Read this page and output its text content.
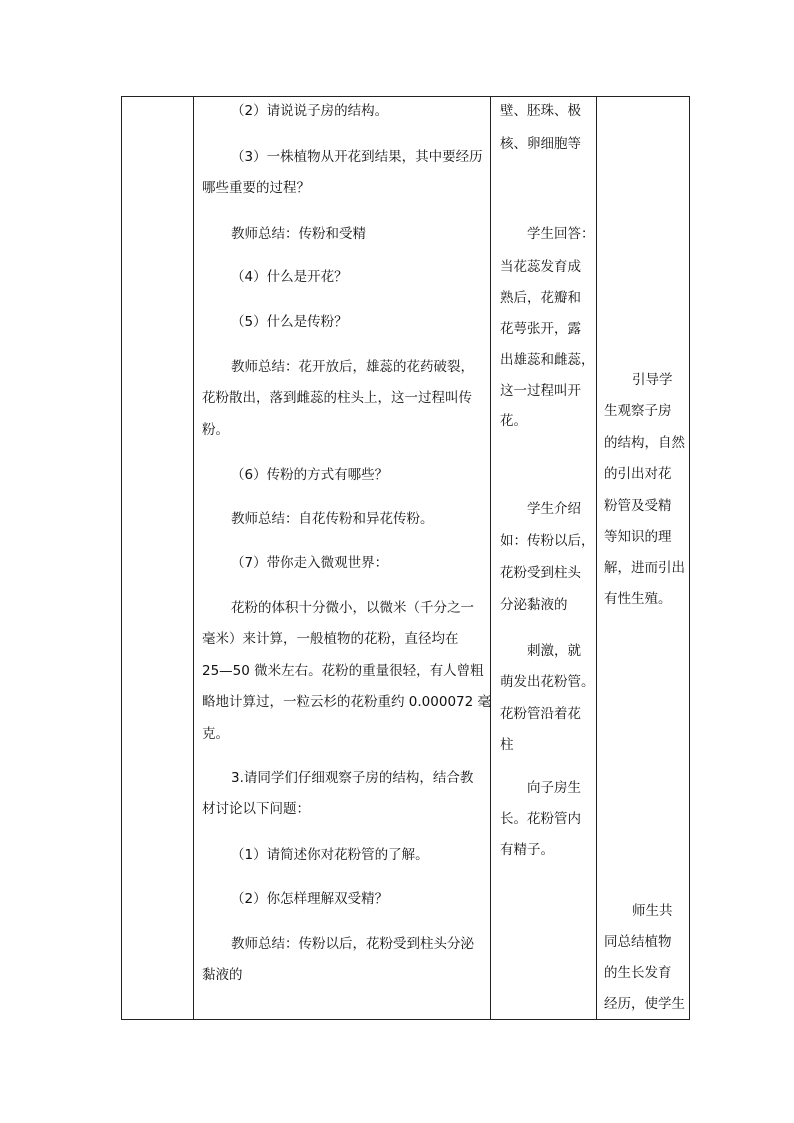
（2）请说说子房的结构。
（3）一株植物从开花到结果，其中要经历
哪些重要的过程？
教师总结：传粉和受精
（4）什么是开花？
（5）什么是传粉？
教师总结：花开放后，雄蕊的花药破裂，
花粉散出，落到雌蕊的柱头上，这一过程叫传
粉。
（6）传粉的方式有哪些？
教师总结：自花传粉和异花传粉。
（7）带你走入微观世界：
花粉的体积十分微小，以微米（千分之一
毫米）来计算，一般植物的花粉，直径均在
25—50 微米左右。花粉的重量很轻，有人曾粗
略地计算过，一粒云杉的花粉重约 0.000072 毫
克。
3.请同学们仔细观察子房的结构，结合教
材讨论以下问题：
（1）请简述你对花粉管的了解。
（2）你怎样理解双受精？
教师总结：传粉以后，花粉受到柱头分泌
黏液的
壁、胚珠、极
核、卵细胞等
学生回答：
当花蕊发育成
熟后，花瓣和
花萼张开，露
出雄蕊和雌蕊，
这一过程叫开
花。
学生介绍
如：传粉以后，
花粉受到柱头
分泌黏液的
刺激，就
萌发出花粉管。
花粉管沿着花
柱
向子房生
长。花粉管内
有精子。
引导学
生观察子房
的结构，自然
的引出对花
粉管及受精
等知识的理
解，进而引出
有性生殖。
师生共
同总结植物
的生长发育
经历，使学生
